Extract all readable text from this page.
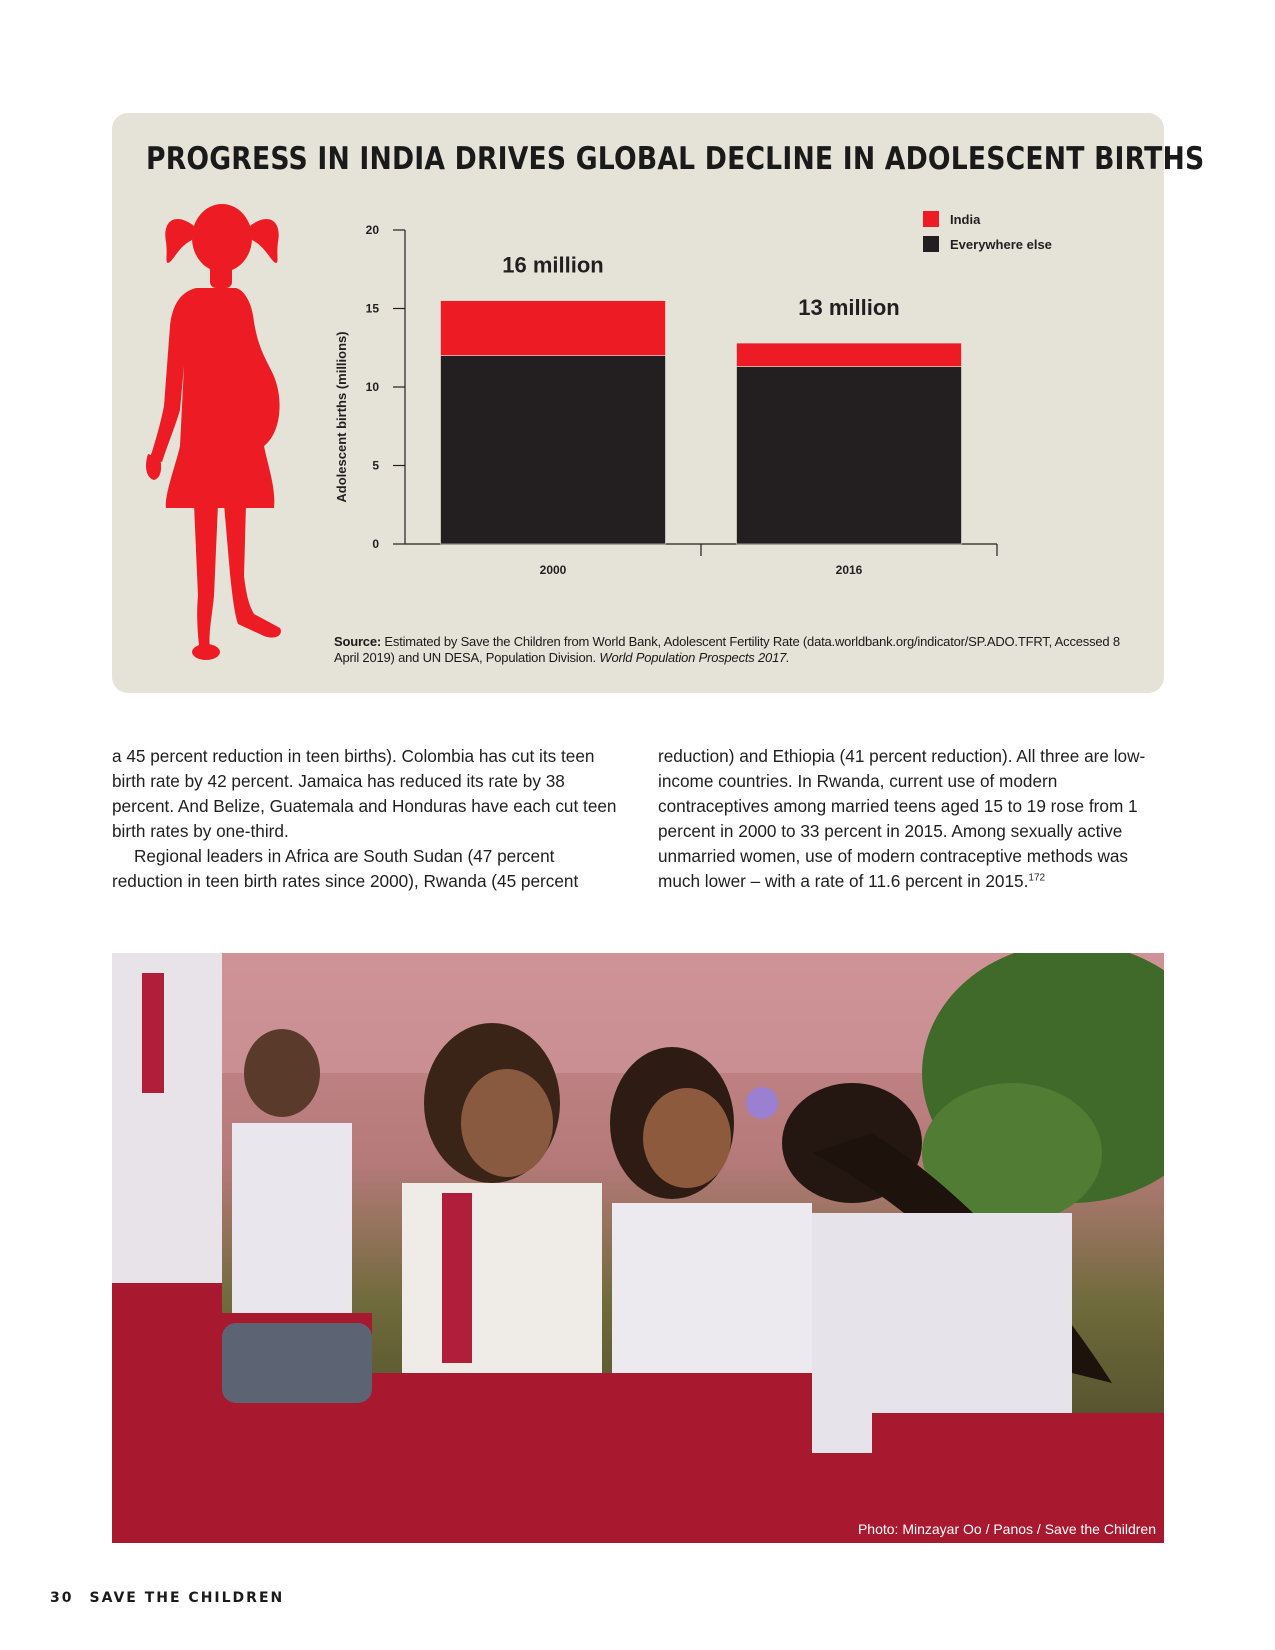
PROGRESS IN INDIA DRIVES GLOBAL DECLINE IN ADOLESCENT BIRTHS
0
5
10
15
20
Adolescent births (millions)
16 million
2000
13 million
2016
India
Everywhere else
Source: Estimated by Save the Children from World Bank, Adolescent Fertility Rate (data.worldbank.org/indicator/SP.ADO.TFRT, Accessed 8 April 2019) and UN DESA, Population Division. World Population Prospects 2017.

a 45 percent reduction in teen births). Colombia has cut its teen birth rate by 42 percent. Jamaica has reduced its rate by 38 percent. And Belize, Guatemala and Honduras have each cut teen birth rates by one-third.

Regional leaders in Africa are South Sudan (47 percent reduction in teen birth rates since 2000), Rwanda (45 percent

reduction) and Ethiopia (41 percent reduction). All three are low-income countries. In Rwanda, current use of modern contraceptives among married teens aged 15 to 19 rose from 1 percent in 2000 to 33 percent in 2015. Among sexually active unmarried women, use of modern contraceptive methods was much lower – with a rate of 11.6 percent in 2015.$^{172}$

Photo: Minzayar Oo / Panos / Save the Children
30 SAVE THE CHILDREN
